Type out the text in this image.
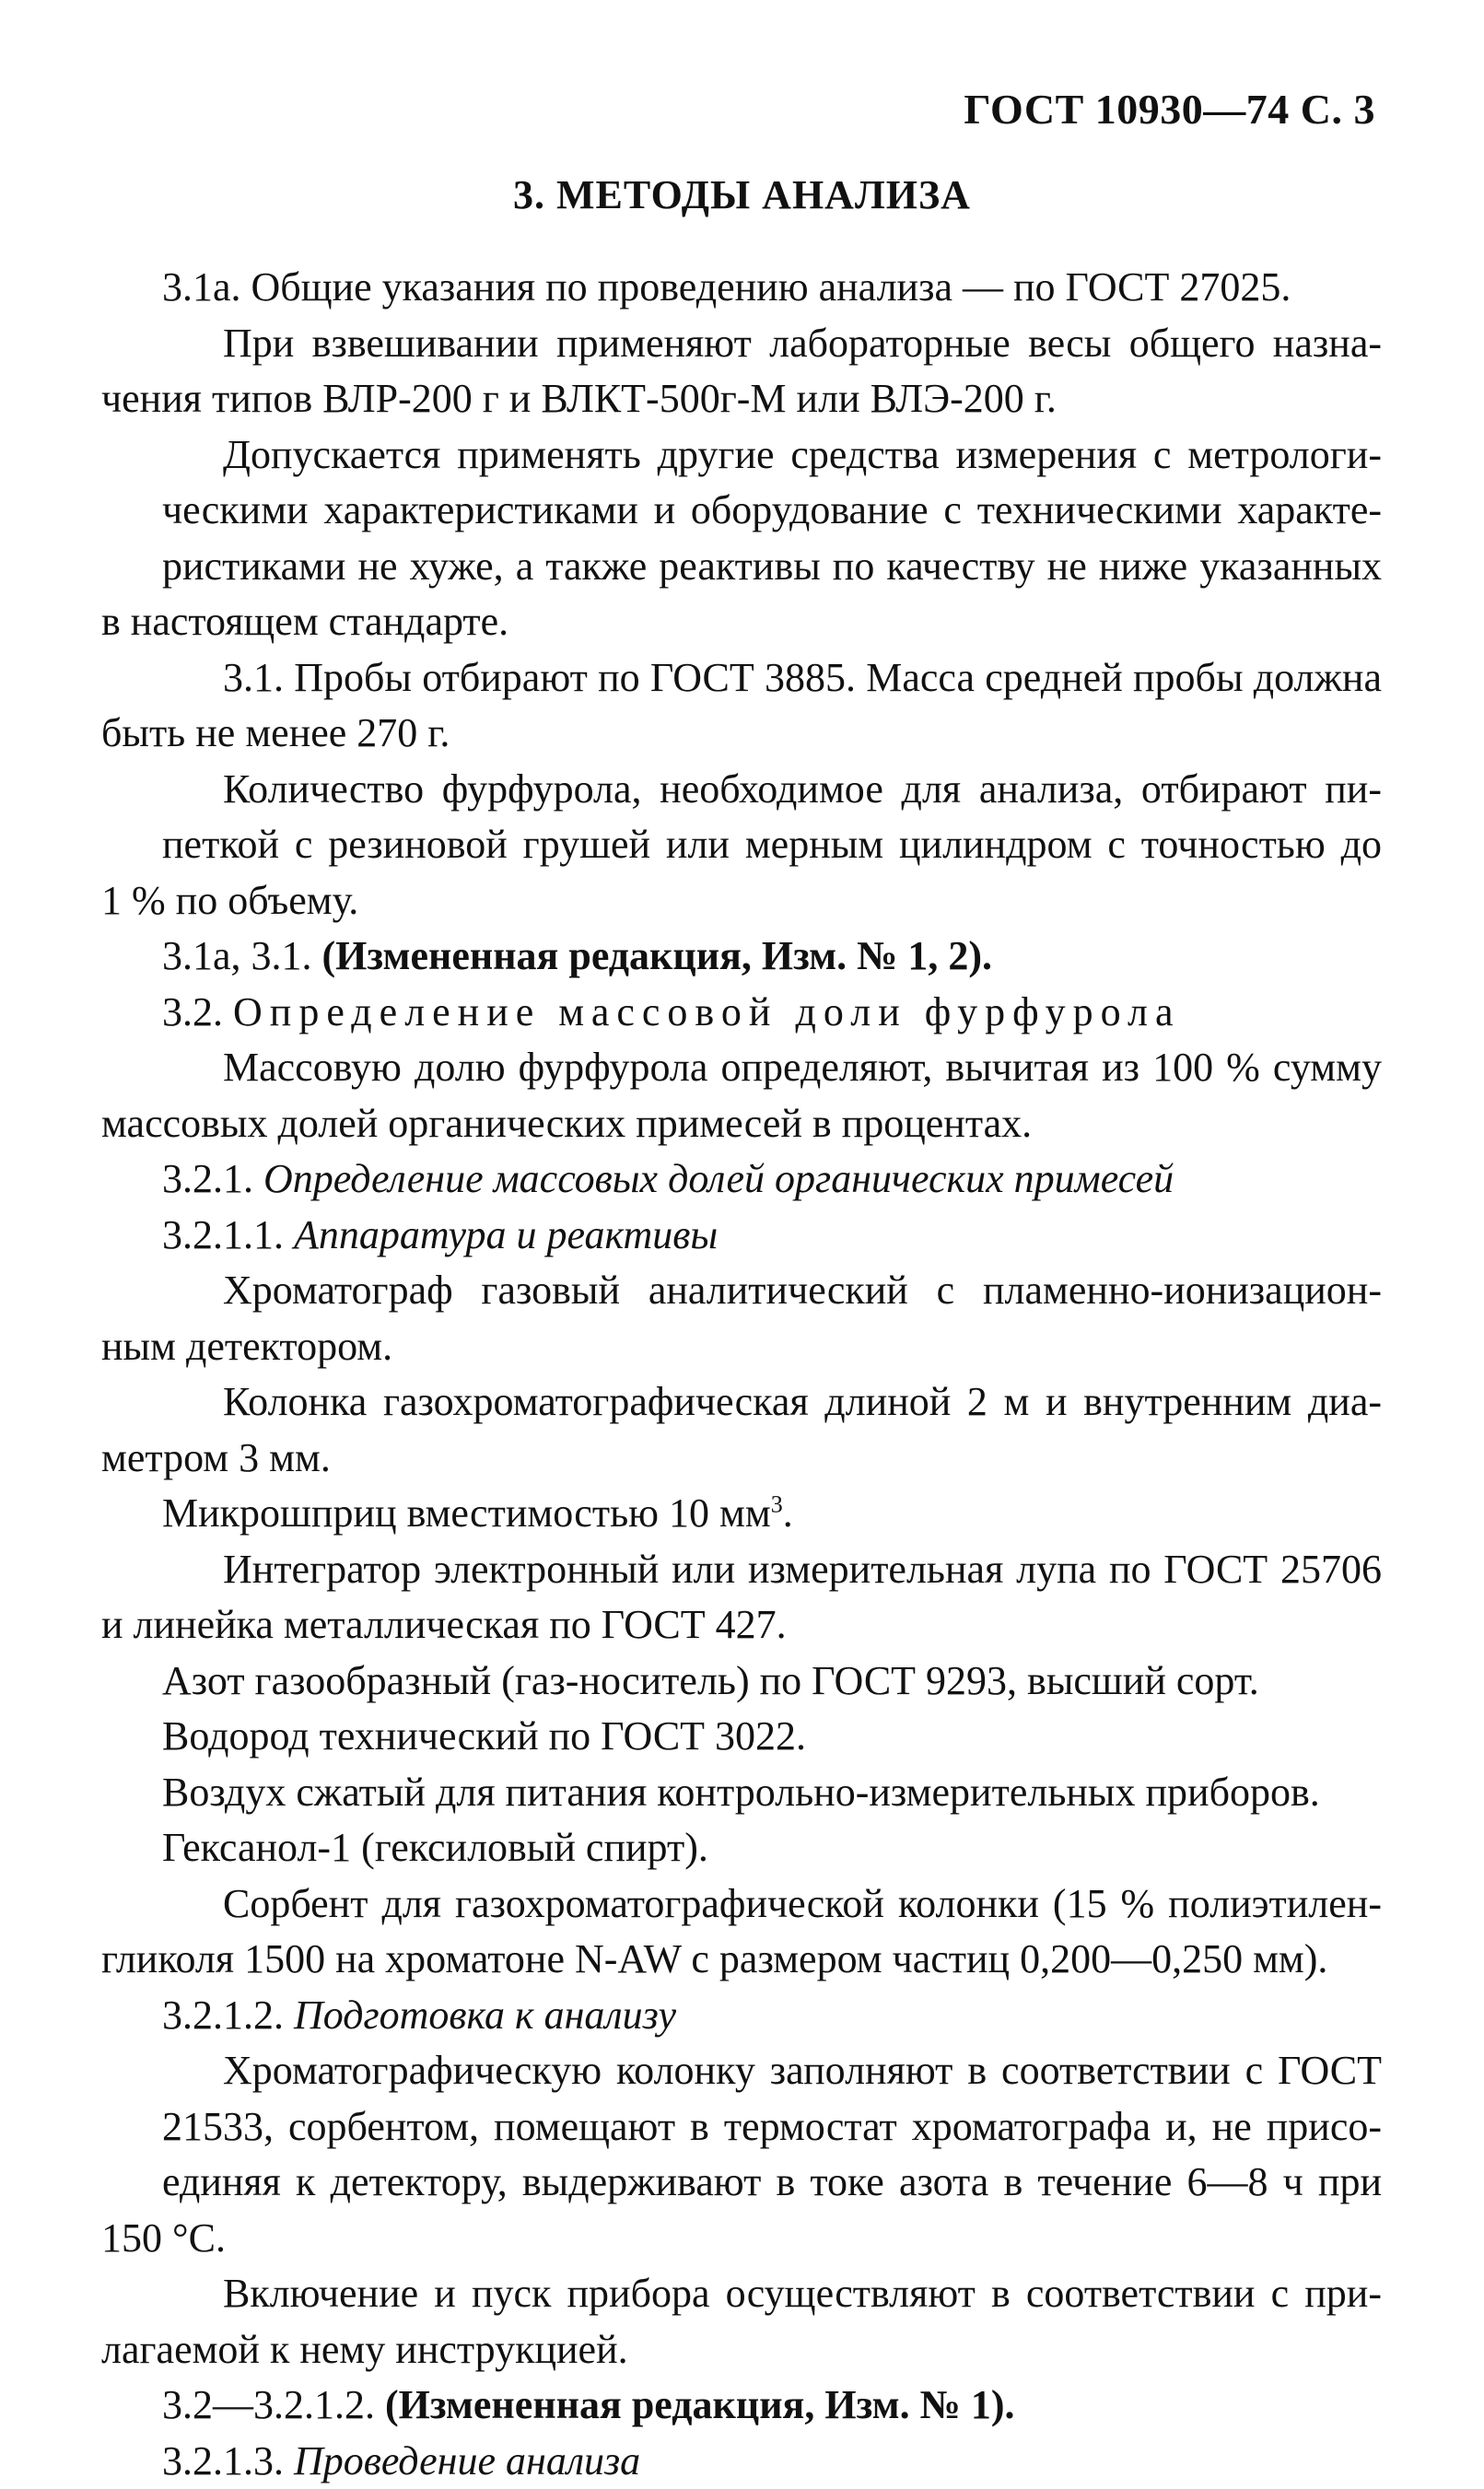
ГОСТ 10930—74 С. 3
3. МЕТОДЫ АНАЛИЗА
3.1а. Общие указания по проведению анализа — по ГОСТ 27025.
При взвешивании применяют лабораторные весы общего назна-
чения типов ВЛР-200 г и ВЛКТ-500г-М или ВЛЭ-200 г.
Допускается применять другие средства измерения с метрологи-
ческими характеристиками и оборудование с техническими характе-
ристиками не хуже, а также реактивы по качеству не ниже указанных
в настоящем стандарте.
3.1. Пробы отбирают по ГОСТ 3885. Масса средней пробы должна
быть не менее 270 г.
Количество фурфурола, необходимое для анализа, отбирают пи-
петкой с резиновой грушей или мерным цилиндром с точностью до
1 % по объему.
3.1а, 3.1. (Измененная редакция, Изм. № 1, 2).
3.2. Определение массовой доли фурфурола
Массовую долю фурфурола определяют, вычитая из 100 % сумму
массовых долей органических примесей в процентах.
3.2.1. Определение массовых долей органических примесей
3.2.1.1. Аппаратура и реактивы
Хроматограф газовый аналитический с пламенно-ионизацион-
ным детектором.
Колонка газохроматографическая длиной 2 м и внутренним диа-
метром 3 мм.
Микрошприц вместимостью 10 $мм^3$.
Интегратор электронный или измерительная лупа по ГОСТ 25706
и линейка металлическая по ГОСТ 427.
Азот газообразный (газ-носитель) по ГОСТ 9293, высший сорт.
Водород технический по ГОСТ 3022.
Воздух сжатый для питания контрольно-измерительных приборов.
Гексанол-1 (гексиловый спирт).
Сорбент для газохроматографической колонки (15 % полиэтилен-
гликоля 1500 на хроматоне N-AW с размером частиц 0,200—0,250 мм).
3.2.1.2. Подготовка к анализу
Хроматографическую колонку заполняют в соответствии с ГОСТ
21533, сорбентом, помещают в термостат хроматографа и, не присо-
единяя к детектору, выдерживают в токе азота в течение 6—8 ч при
150 °С.
Включение и пуск прибора осуществляют в соответствии с при-
лагаемой к нему инструкцией.
3.2—3.2.1.2. (Измененная редакция, Изм. № 1).
3.2.1.3. Проведение анализа
